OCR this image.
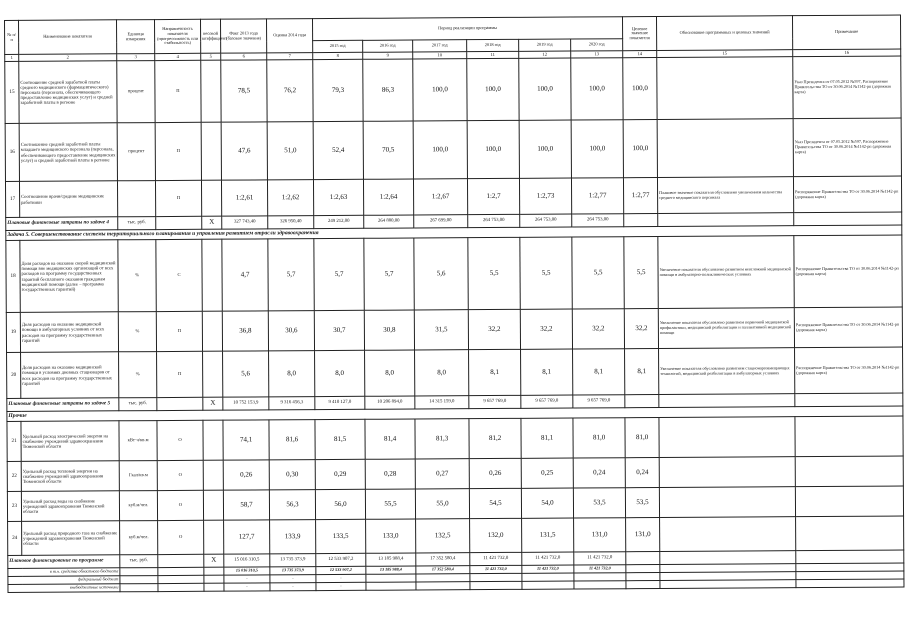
№ п/п	Наименование показателя	Единица измерения	Направленность показателя (прогрессивность или стабильность)	весовой коэффициент	Факт 2013 года (базовое значение)	Оценка 2014 года	Период реализации программы						Целевое значение показателя	Обоснование программных и целевых значений	Примечание
							2015 год	2016 год	2017 год	2018 год	2019 год	2020 год			
1	2	3	4	5	6	7	8	9	10	11	12	13	14	15	16
15	Соотношение средней заработной платы среднего медицинского (фармацевтического) персонала (персонала, обеспечивающего предоставление медицинских услуг) и средней заработной платы в регионе	процент	П		78,5	76,2	79,3	86,3	100,0	100,0	100,0	100,0	100,0		Указ Президента от 07.05.2012 №597, Распоряжение Правительства ТО от 30.06.2014 №1142-рп (дорожная карта)
16	Соотношение средней заработной платы младшего медицинского персонала (персонала, обеспечивающего предоставление медицинских услуг) и средней заработной платы в регионе	процент	П		47,6	51,0	52,4	70,5	100,0	100,0	100,0	100,0	100,0		Указ Президента от 07.05.2012 №597, Распоряжение Правительства ТО от 30.06.2014 №1142-рп (дорожная карта)
17	Соотношение врачи/средние медицинские работники		П		1:2,61	1:2,62	1:2,63	1:2,64	1:2,67	1:2,7	1:2,73	1:2,77	1:2,77	Плановое значение показателя обусловлено увеличением количества среднего медицинского персонала	Распоряжение Правительства ТО от 30.06.2014 №1142-рп (дорожная карта)
Плановые финансовые затраты по задаче 4		тыс. руб.		X	327 743,40	326 950,40	249 212,00	264 880,00	267 699,00	264 753,00	264 753,00	264 753,00			
Задача 5. Совершенствование системы территориального планирования и управления развитием отрасли здравоохранения															
18	Доля расходов на оказание скорой медицинской помощи вне медицинских организаций от всех расходов на программу государственных гарантий бесплатного оказания гражданам медицинской помощи (далее – программа государственных гарантий)	%	С		4,7	5,7	5,7	5,7	5,6	5,5	5,5	5,5	5,5	Увеличение показателя обусловлено развитием неотложной медицинской помощи в амбулаторно-поликлинических условиях	Распоряжение Правительства ТО от 30.06.2014 №1142-рп (дорожная карта)
19	Доля расходов на оказание медицинской помощи в амбулаторных условиях от всех расходов на программу государственных гарантий	%	П		36,8	30,6	30,7	30,8	31,5	32,2	32,2	32,2	32,2	Увеличение показателя обусловлено развитием первичной медицинской профилактики, медицинской реабилитации и паллиативной медицинской помощи	Распоряжение Правительства ТО от 30.06.2014 №1142-рп (дорожная карта)
20	Доля расходов на оказание медицинской помощи в условиях дневных стационаров от всех расходов на программу государственных гарантий	%	П		5,6	8,0	8,0	8,0	8,0	8,1	8,1	8,1	8,1	Увеличение показателя обусловлено развитием стационарозамещающих технологий, медицинской реабилитации в амбулаторных условиях	Распоряжение Правительства ТО от 30.06.2014 №1142-рп (дорожная карта)
Плановые финансовые затраты по задаче 5		тыс. руб.		X	10 752 153,9	9 316 456,3	9 410 127,0	10 206 894,0	14 315 159,0	9 657 769,0	9 657 769,0	9 657 769,0			
Прочие															
21	Удельный расход электрической энергии на снабжение учреждений здравоохранения Тюменской области	кВт·ч/кв.м	О		74,1	81,6	81,5	81,4	81,3	81,2	81,1	81,0	81,0		
22	Удельный расход тепловой энергии на снабжение учреждений здравоохранения Тюменской области	Гкал/кв.м	О		0,26	0,30	0,29	0,28	0,27	0,26	0,25	0,24	0,24		
23	Удельный расход воды на снабжение учреждений здравоохранения Тюменской области	куб.м/чел.	О		58,7	56,3	56,0	55,5	55,0	54,5	54,0	53,5	53,5		
24	Удельный расход природного газа на снабжение учреждений здравоохранения Тюменской области	куб.м/чел.	О		127,7	133,9	133,5	133,0	132,5	132,0	131,5	131,0	131,0		
Плановое финансирование по программе		тыс. руб.		X	15 016 310,5	13 735 373,9	12 533 907,2	13 185 988,4	17 352 580,4	11 421 732,0	11 421 732,0	11 421 732,0			
в т.ч. средства областного бюджета					15 016 310,5	13 735 373,9	12 533 907,2	13 185 988,4	17 352 580,4	11 421 732,0	11 421 732,0	11 421 732,0			
федеральный бюджет					-	-	-								
внебюджетные источники					-	-	-								
